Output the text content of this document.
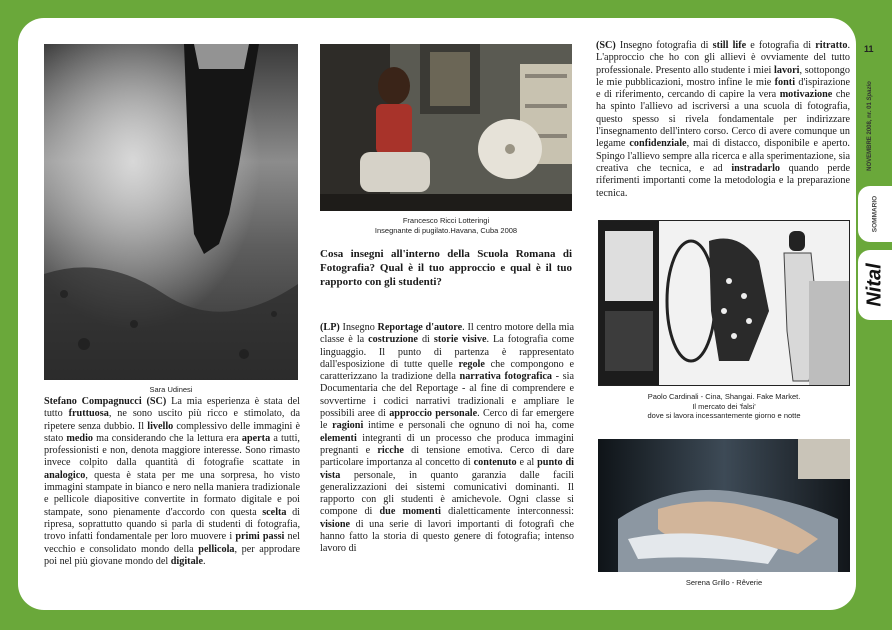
Sara Udinesi
Stefano Compagnucci (SC) La mia esperienza è stata del tutto fruttuosa, ne sono uscito più ricco e stimolato, da ripetere senza dubbio. Il livello complessivo delle immagini è stato medio ma considerando che la lettura era aperta a tutti, professionisti e non, denota maggiore interesse. Sono rimasto invece colpito dalla quantità di fotografie scattate in analogico, questa è stata per me una sorpresa, ho visto immagini stampate in bianco e nero nella maniera tradizionale e pellicole diapositive convertite in formato digitale e poi stampate, sono pienamente d'accordo con questa scelta di ripresa, soprattutto quando si parla di studenti di fotografia, trovo infatti fondamentale per loro muovere i primi passi nel vecchio e consolidato mondo della pellicola, per approdare poi nel più giovane mondo del digitale.
Francesco Ricci Lotteringi
Insegnante di pugilato.Havana, Cuba 2008
Cosa insegni all'interno della Scuola Romana di Fotografia? Qual è il tuo approccio e qual è il tuo rapporto con gli studenti?
(LP) Insegno Reportage d'autore. Il centro motore della mia classe è la costruzione di storie visive. La fotografia come linguaggio. Il punto di partenza è rappresentato dall'esposizione di tutte quelle regole che compongono e caratterizzano la tradizione della narrativa fotografica - sia Documentaria che del Reportage - al fine di comprendere e sovvertirne i codici narrativi tradizionali e ampliare le possibili aree di approccio personale. Cerco di far emergere le ragioni intime e personali che ognuno di noi ha, come elementi integranti di un processo che produca immagini pregnanti e ricche di tensione emotiva. Cerco di dare particolare importanza al concetto di contenuto e al punto di vista personale, in quanto garanzia dalle facili generalizzazioni dei sistemi comunicativi dominanti. Il rapporto con gli studenti è amichevole. Ogni classe si compone di due momenti dialetticamente interconnessi: visione di una serie di lavori importanti di fotografi che hanno fatto la storia di questo genere di fotografia; intenso lavoro di
(SC) Insegno fotografia di still life e fotografia di ritratto. L'approccio che ho con gli allievi è ovviamente del tutto professionale. Presento allo studente i miei lavori, sottopongo le mie pubblicazioni, mostro infine le mie fonti d'ispirazione e di riferimento, cercando di capire la vera motivazione che ha spinto l'allievo ad iscriversi a una scuola di fotografia, questo spesso si rivela fondamentale per indirizzare l'insegnamento dell'intero corso. Cerco di avere comunque un legame confidenziale, mai di distacco, disponibile e aperto. Spingo l'allievo sempre alla ricerca e alla sperimentazione, sia creativa che tecnica, e ad instradarlo quando perde riferimenti importanti come la metodologia e la preparazione tecnica.
Paolo Cardinali - Cina, Shangai. Fake Market.
Il mercato dei 'falsi'
dove si lavora incessantemente giorno e notte
Serena Grillo - Rêverie
11
NOVEMBRE 2008, nr. 01 Spazio
SOMMARIO
Nital
